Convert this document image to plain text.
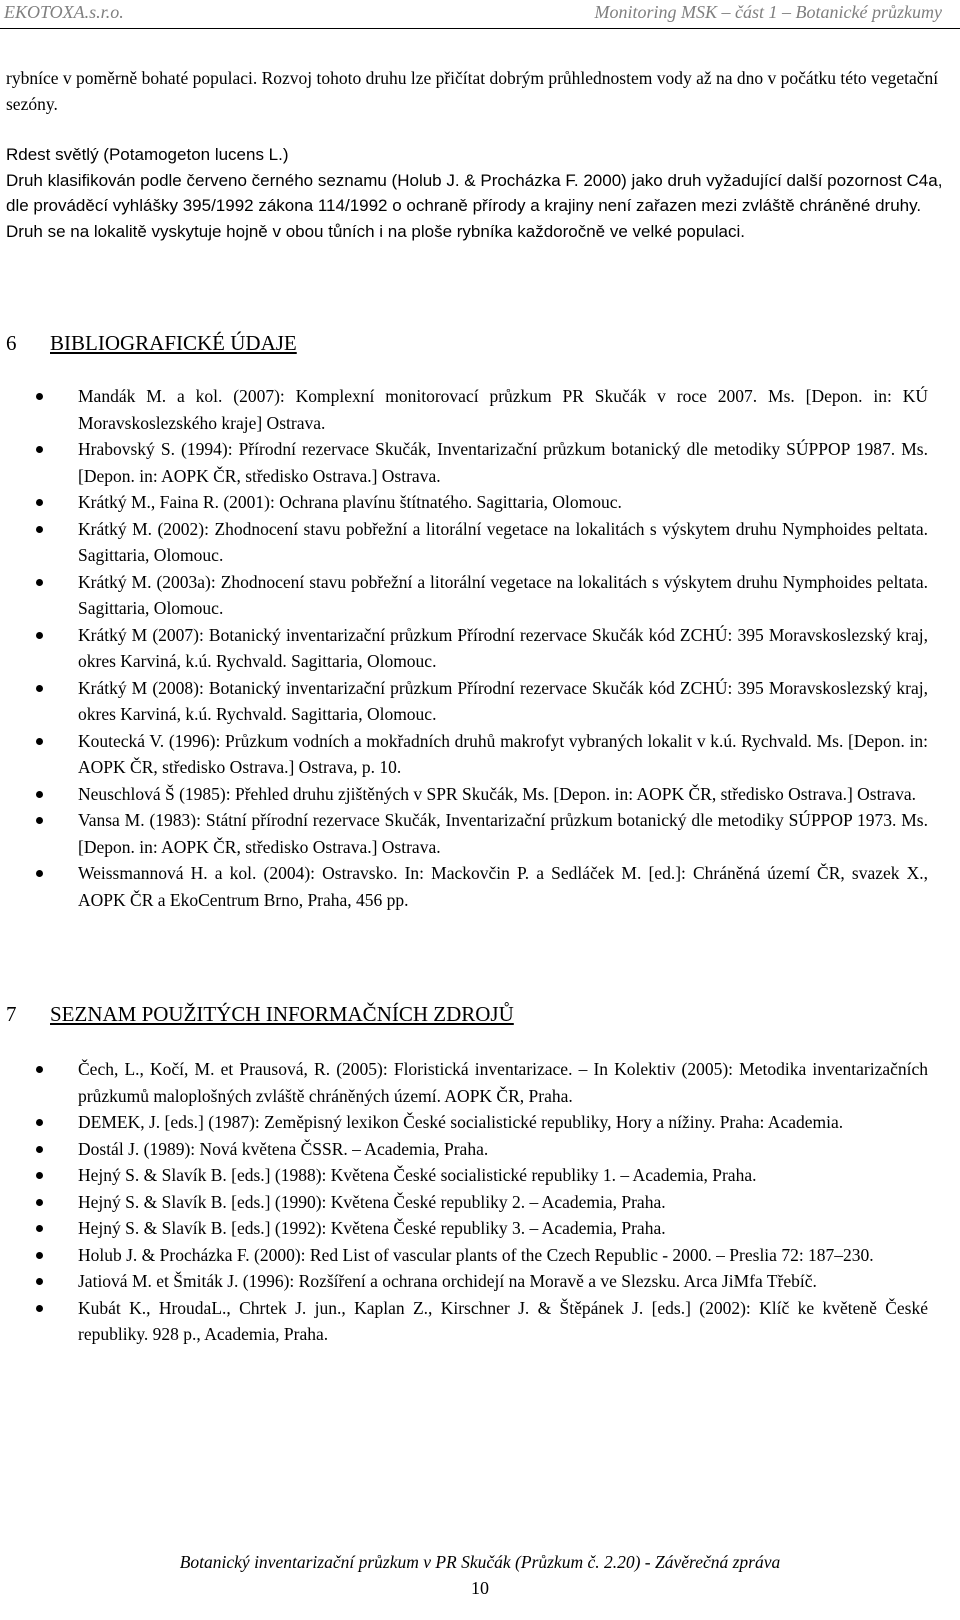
EKOTOXA.s.r.o.	Monitoring MSK – část 1 – Botanické průzkumy

rybníce v poměrně bohaté populaci. Rozvoj tohoto druhu lze přičítat dobrým průhlednostem vody až na dno v počátku této vegetační sezóny.

Rdest světlý (Potamogeton lucens L.)

Druh klasifikován podle červeno černého seznamu (Holub J. & Procházka F. 2000) jako druh vyžadující další pozornost C4a, dle prováděcí vyhlášky 395/1992 zákona 114/1992 o ochraně přírody a krajiny není zařazen mezi zvláště chráněné druhy.

Druh se na lokalitě vyskytuje hojně v obou tůních i na ploše rybníka každoročně ve velké populaci.

6 BIBLIOGRAFICKÉ ÚDAJE
Mandák M. a kol. (2007): Komplexní monitorovací průzkum PR Skučák v roce 2007. Ms. [Depon. in: KÚ Moravskoslezského kraje] Ostrava.
Hrabovský S. (1994): Přírodní rezervace Skučák, Inventarizační průzkum botanický dle metodiky SÚPPOP 1987. Ms. [Depon. in: AOPK ČR, středisko Ostrava.] Ostrava.
Krátký M., Faina R. (2001): Ochrana plavínu štítnatého. Sagittaria, Olomouc.
Krátký M. (2002): Zhodnocení stavu pobřežní a litorální vegetace na lokalitách s výskytem druhu Nymphoides peltata. Sagittaria, Olomouc.
Krátký M. (2003a): Zhodnocení stavu pobřežní a litorální vegetace na lokalitách s výskytem druhu Nymphoides peltata. Sagittaria, Olomouc.
Krátký M (2007): Botanický inventarizační průzkum Přírodní rezervace Skučák kód ZCHÚ: 395 Moravskoslezský kraj, okres Karviná, k.ú. Rychvald. Sagittaria, Olomouc.
Krátký M (2008): Botanický inventarizační průzkum Přírodní rezervace Skučák kód ZCHÚ: 395 Moravskoslezský kraj, okres Karviná, k.ú. Rychvald. Sagittaria, Olomouc.
Koutecká V. (1996): Průzkum vodních a mokřadních druhů makrofyt vybraných lokalit v k.ú. Rychvald. Ms. [Depon. in: AOPK ČR, středisko Ostrava.] Ostrava, p. 10.
Neuschlová Š (1985): Přehled druhu zjištěných v SPR Skučák, Ms. [Depon. in: AOPK ČR, středisko Ostrava.] Ostrava.
Vansa M. (1983): Státní přírodní rezervace Skučák, Inventarizační průzkum botanický dle metodiky SÚPPOP 1973. Ms. [Depon. in: AOPK ČR, středisko Ostrava.] Ostrava.
Weissmannová H. a kol. (2004): Ostravsko. In: Mackovčin P. a Sedláček M. [ed.]: Chráněná území ČR, svazek X., AOPK ČR a EkoCentrum Brno, Praha, 456 pp.
7 SEZNAM POUŽITÝCH INFORMAČNÍCH ZDROJŮ
Čech, L., Kočí, M. et Prausová, R. (2005): Floristická inventarizace. – In Kolektiv (2005): Metodika inventarizačních průzkumů maloplošných zvláště chráněných území. AOPK ČR, Praha.
DEMEK, J. [eds.] (1987): Zeměpisný lexikon České socialistické republiky, Hory a nížiny. Praha: Academia.
Dostál J. (1989): Nová květena ČSSR. – Academia, Praha.
Hejný S. & Slavík B. [eds.] (1988): Květena České socialistické republiky 1. – Academia, Praha.
Hejný S. & Slavík B. [eds.] (1990): Květena České republiky 2. – Academia, Praha.
Hejný S. & Slavík B. [eds.] (1992): Květena České republiky 3. – Academia, Praha.
Holub J. & Procházka F. (2000): Red List of vascular plants of the Czech Republic - 2000. – Preslia 72: 187–230.
Jatiová M. et Šmiták J. (1996): Rozšíření a ochrana orchidejí na Moravě a ve Slezsku. Arca JiMfa Třebíč.
Kubát K., HroudaL., Chrtek J. jun., Kaplan Z., Kirschner J. & Štěpánek J. [eds.] (2002): Klíč ke květeně České republiky. 928 p., Academia, Praha.
Botanický inventarizační průzkum v PR Skučák (Průzkum č. 2.20) - Závěrečná zpráva
10
